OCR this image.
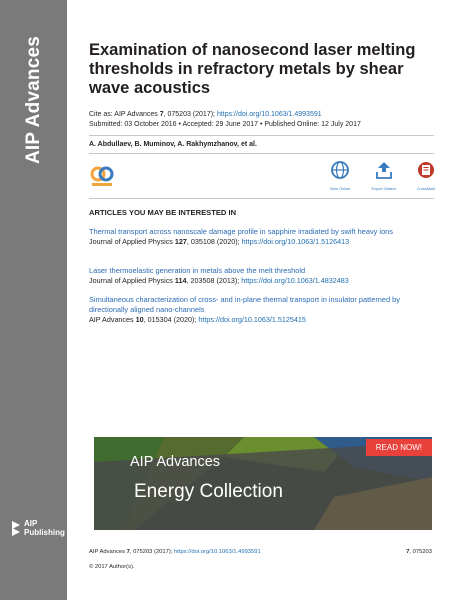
AIP Advances
AIP
Publishing
Examination of nanosecond laser melting thresholds in refractory metals by shear wave acoustics
Cite as: AIP Advances 7, 075203 (2017); https://doi.org/10.1063/1.4993591
Submitted: 03 October 2016 • Accepted: 29 June 2017 • Published Online: 12 July 2017
A. Abdullaev, B. Muminov, A. Rakhymzhanov, et al.
View Online	Export Citation	CrossMark
ARTICLES YOU MAY BE INTERESTED IN
Thermal transport across nanoscale damage profile in sapphire irradiated by swift heavy ions
Journal of Applied Physics 127, 035108 (2020); https://doi.org/10.1063/1.5126413
Laser thermoelastic generation in metals above the melt threshold
Journal of Applied Physics 114, 203508 (2013); https://doi.org/10.1063/1.4832483
Simultaneous characterization of cross- and in-plane thermal transport in insulator patterned by directionally aligned nano-channels
AIP Advances 10, 015304 (2020); https://doi.org/10.1063/1.5125415
AIP Advances
Energy Collection
READ NOW!
AIP Advances 7, 075203 (2017); https://doi.org/10.1063/1.4993591	7, 075203
© 2017 Author(s).
